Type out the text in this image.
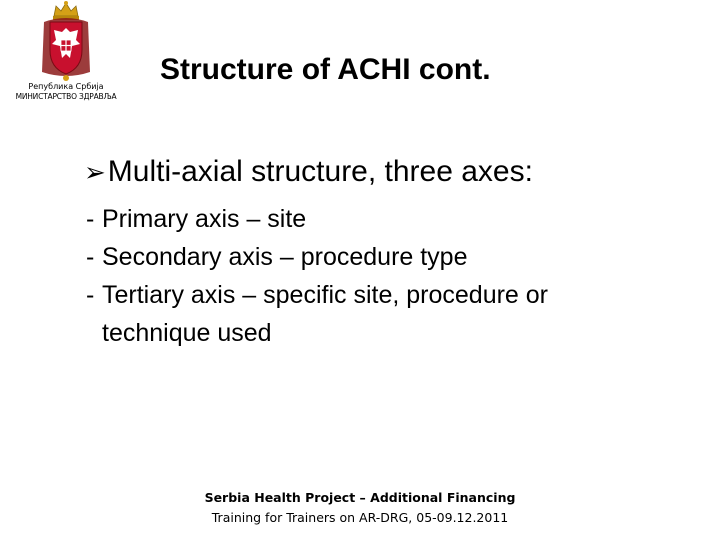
Република Србија
МИНИСТАРСТВО ЗДРАВЉА
Structure of ACHI cont.
➢Multi-axial structure, three axes:
- Primary axis – site
- Secondary axis – procedure type
- Tertiary axis – specific site, procedure or technique used
Serbia Health Project – Additional Financing
Training for Trainers on AR-DRG, 05-09.12.2011
